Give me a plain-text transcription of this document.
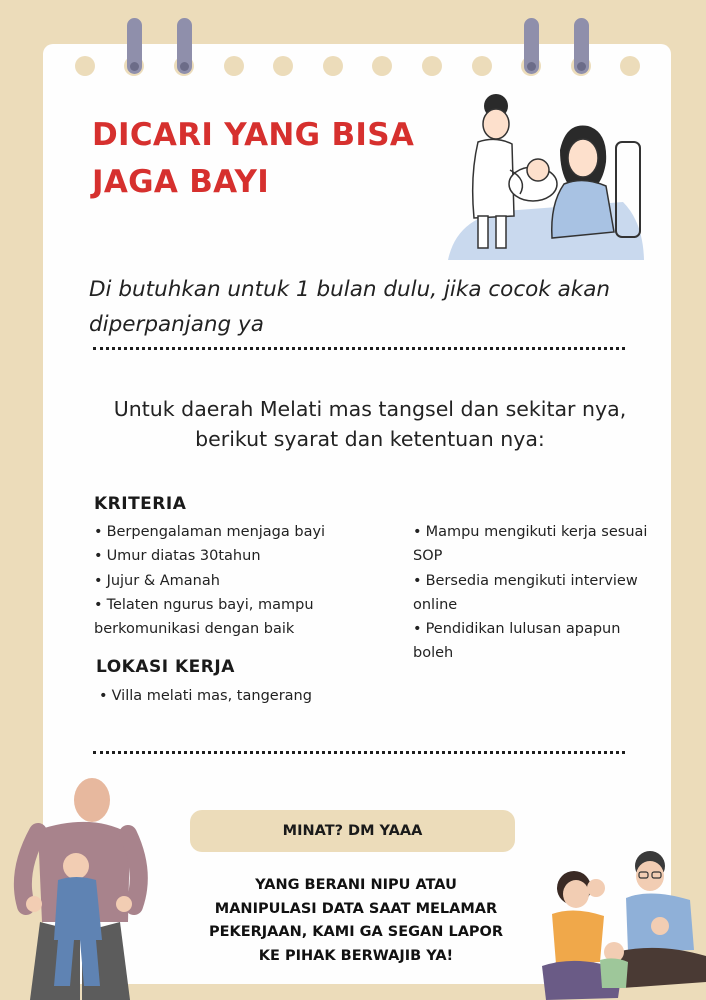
DICARI YANG BISA
JAGA BAYI

Di butuhkan untuk 1 bulan dulu, jika cocok akan diperpanjang ya

Untuk daerah Melati mas tangsel dan sekitar nya,
berikut syarat dan ketentuan nya:

KRITERIA
• Berpengalaman menjaga bayi
• Umur diatas 30tahun
• Jujur & Amanah
• Telaten ngurus bayi, mampu berkomunikasi dengan baik
• Mampu mengikuti kerja sesuai SOP
• Bersedia mengikuti interview online
• Pendidikan lulusan apapun boleh
LOKASI KERJA
• Villa melati mas, tangerang
MINAT? DM YAAA

YANG BERANI NIPU ATAU
MANIPULASI DATA SAAT MELAMAR
PEKERJAAN, KAMI GA SEGAN LAPOR
KE PIHAK BERWAJIB YA!
